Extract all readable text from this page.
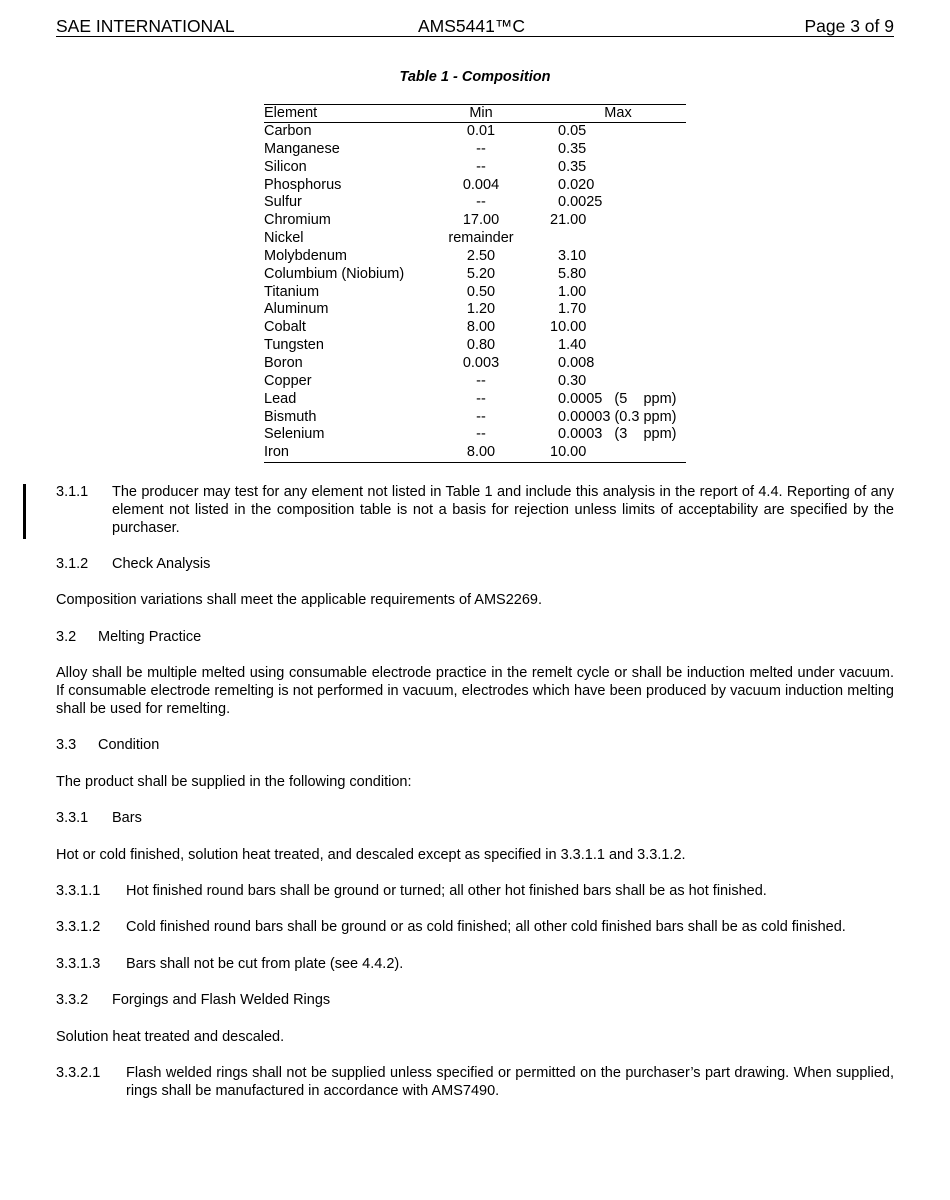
SAE INTERNATIONAL	AMS5441™C	Page 3 of 9
Table 1 - Composition
Element	Min	Max
Carbon	0.01	0.05
Manganese	--	0.35
Silicon	--	0.35
Phosphorus	0.004	0.020
Sulfur	--	0.0025
Chromium	17.00	21.00
Nickel	remainder
Molybdenum	2.50	3.10
Columbium (Niobium)	5.20	5.80
Titanium	0.50	1.00
Aluminum	1.20	1.70
Cobalt	8.00	10.00
Tungsten	0.80	1.40
Boron	0.003	0.008
Copper	--	0.30
Lead	--	0.0005   (5    ppm)
Bismuth	--	0.00003 (0.3 ppm)
Selenium	--	0.0003   (3    ppm)
Iron	8.00	10.00
3.1.1 The producer may test for any element not listed in Table 1 and include this analysis in the report of 4.4. Reporting of any element not listed in the composition table is not a basis for rejection unless limits of acceptability are specified by the purchaser.

3.1.2 Check Analysis

Composition variations shall meet the applicable requirements of AMS2269.

3.2 Melting Practice

Alloy shall be multiple melted using consumable electrode practice in the remelt cycle or shall be induction melted under vacuum. If consumable electrode remelting is not performed in vacuum, electrodes which have been produced by vacuum induction melting shall be used for remelting.

3.3 Condition

The product shall be supplied in the following condition:

3.3.1 Bars

Hot or cold finished, solution heat treated, and descaled except as specified in 3.3.1.1 and 3.3.1.2.

3.3.1.1 Hot finished round bars shall be ground or turned; all other hot finished bars shall be as hot finished.
3.3.1.2 Cold finished round bars shall be ground or as cold finished; all other cold finished bars shall be as cold finished.
3.3.1.3 Bars shall not be cut from plate (see 4.4.2).
3.3.2 Forgings and Flash Welded Rings

Solution heat treated and descaled.

3.3.2.1 Flash welded rings shall not be supplied unless specified or permitted on the purchaser’s part drawing. When supplied, rings shall be manufactured in accordance with AMS7490.
